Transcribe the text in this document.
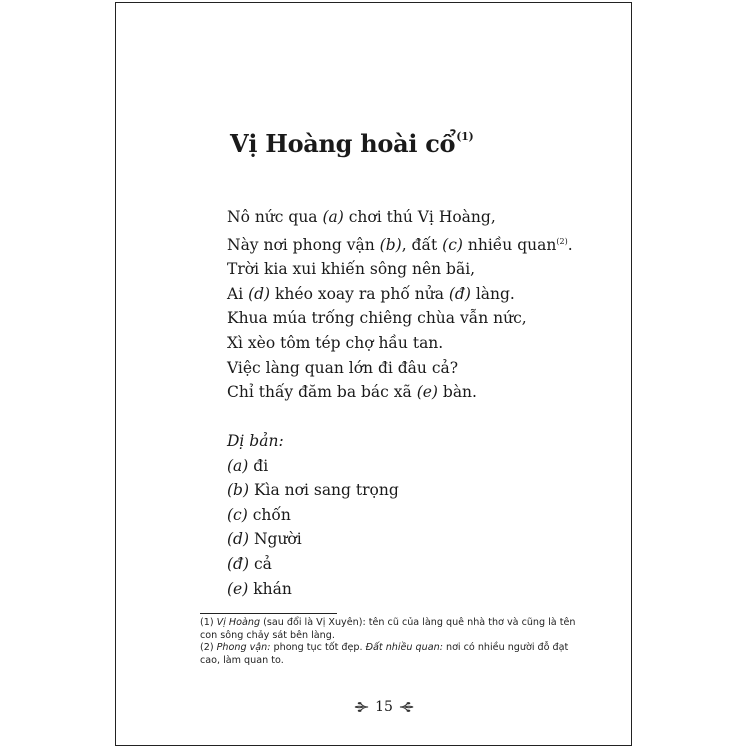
Vị Hoàng hoài cổ$^{(1)}$
Nô nức qua (a) chơi thú Vị Hoàng,
Này nơi phong vận (b), đất (c) nhiều quan$^{(2)}$.
Trời kia xui khiến sông nên bãi,
Ai (d) khéo xoay ra phố nửa (đ) làng.
Khua múa trống chiêng chùa vẫn nức,
Xì xèo tôm tép chợ hầu tan.
Việc làng quan lớn đi đâu cả?
Chỉ thấy đăm ba bác xã (e) bàn.
Dị bản:
(a) đi
(b) Kìa nơi sang trọng
(c) chốn
(d) Người
(đ) cả
(e) khán

(1) Vị Hoàng (sau đổi là Vị Xuyên): tên cũ của làng quê nhà thơ và cũng là tên con sông chảy sát bên làng.

(2) Phong vận: phong tục tốt đẹp. Đất nhiều quan: nơi có nhiều người đỗ đạt cao, làm quan to.

15
